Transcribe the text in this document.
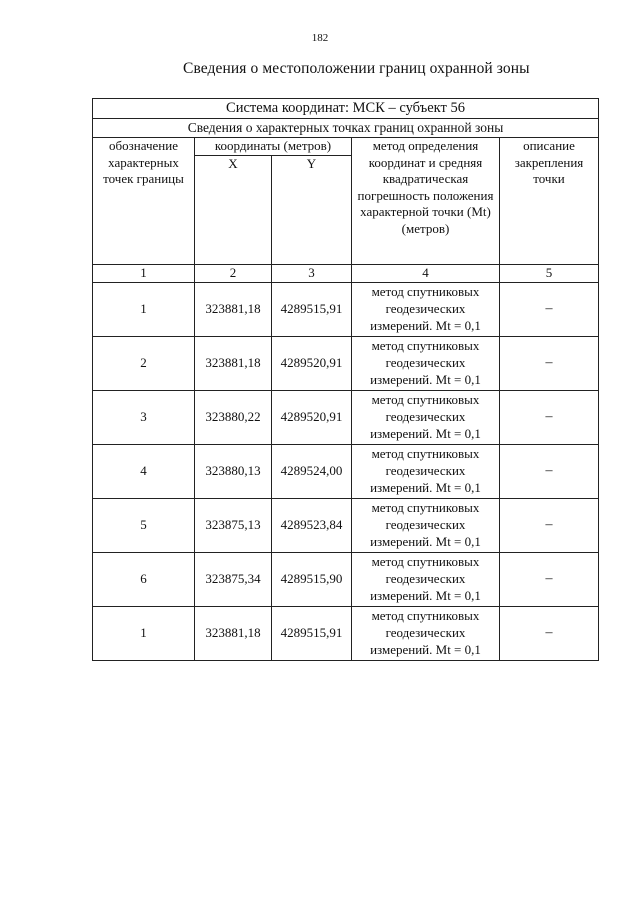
182
Сведения о местоположении границ охранной зоны
Система координат: МСК – субъект 56				
Сведения о характерных точках границ охранной зоны				
обозначение характерных точек границы	координаты (метров)		метод определения координат и средняя квадратическая погрешность положения характерной точки (Mt) (метров)	описание закрепления точки
	X	Y		
1	2	3	4	5
1	323881,18	4289515,91	метод спутниковых геодезических измерений. Mt = 0,1	–
2	323881,18	4289520,91	метод спутниковых геодезических измерений. Mt = 0,1	–
3	323880,22	4289520,91	метод спутниковых геодезических измерений. Mt = 0,1	–
4	323880,13	4289524,00	метод спутниковых геодезических измерений. Mt = 0,1	–
5	323875,13	4289523,84	метод спутниковых геодезических измерений. Mt = 0,1	–
6	323875,34	4289515,90	метод спутниковых геодезических измерений. Mt = 0,1	–
1	323881,18	4289515,91	метод спутниковых геодезических измерений. Mt = 0,1	–
